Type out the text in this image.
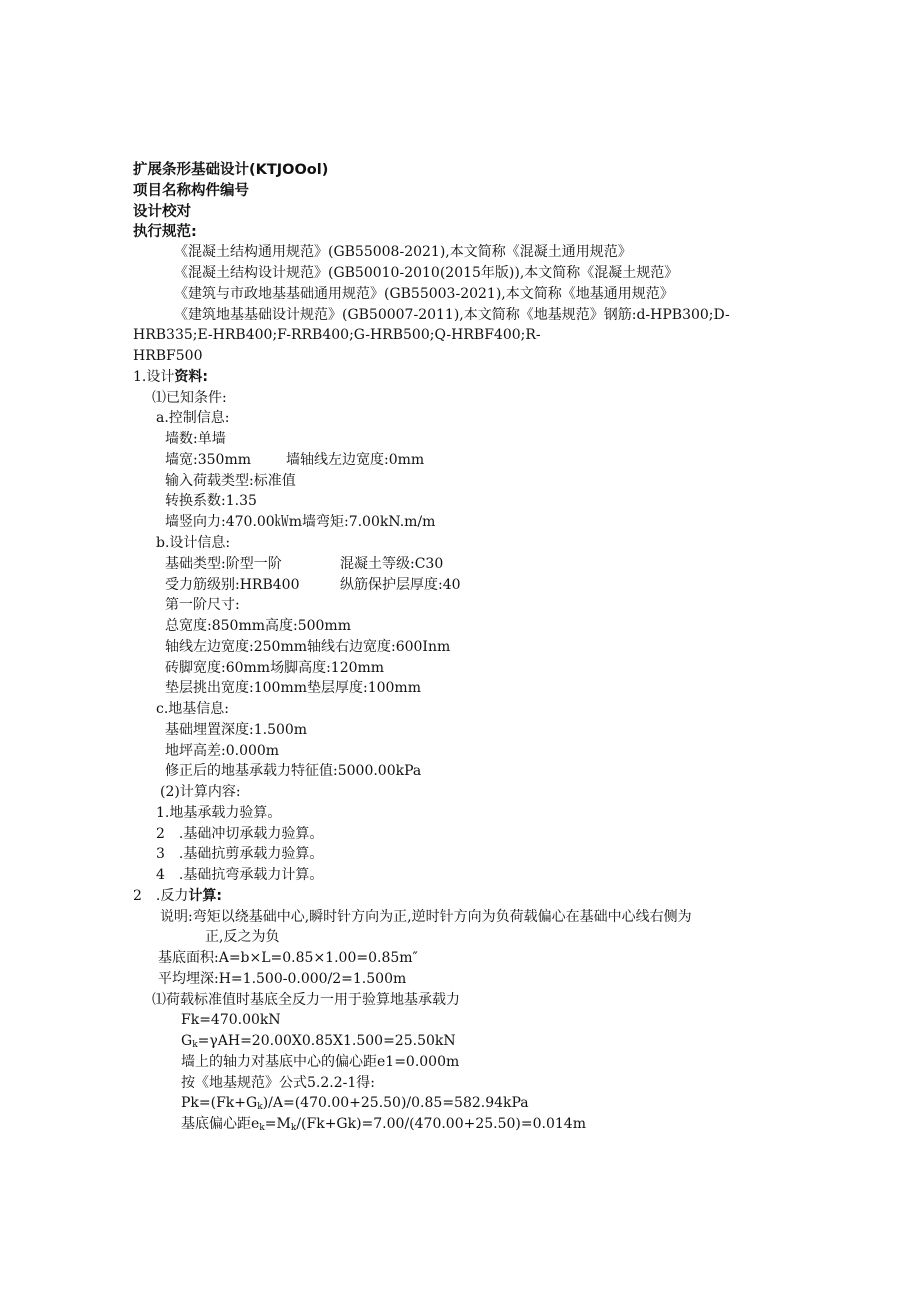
扩展条形基础设计(KTJOOol)
项目名称构件编号
设计校对
执行规范:
《混凝土结构通用规范》(GB55008-2021),本文简称《混凝土通用规范》
《混凝土结构设计规范》(GB50010-2010(2015年版)),本文简称《混凝土规范》
《建筑与市政地基基础通用规范》(GB55003-2021),本文简称《地基通用规范》
《建筑地基基础设计规范》(GB50007-2011),本文简称《地基规范》钢筋:d-HPB300;D-
HRB335;E-HRB400;F-RRB400;G-HRB500;Q-HRBF400;R-
HRBF500
1.设计资料:
⑴已知条件:
a.控制信息:
墙数:单墙
墙宽:350mm	墙轴线左边宽度:0mm
输入荷载类型:标准值
转换系数:1.35
墙竖向力:470.00㎾m墙弯矩:7.00kN.m/m
b.设计信息:
基础类型:阶型一阶	混凝土等级:C30
受力筋级别:HRB400	纵筋保护层厚度:40
第一阶尺寸:
总宽度:850mm高度:500mm
轴线左边宽度:250mm轴线右边宽度:600Inm
砖脚宽度:60mm场脚高度:120mm
垫层挑出宽度:100mm垫层厚度:100mm
c.地基信息:
基础埋置深度:1.500m
地坪高差:0.000m
修正后的地基承载力特征值:5000.00kPa
(2)计算内容:
1.地基承载力验算。
2　.基础冲切承载力验算。
3　.基础抗剪承载力验算。
4　.基础抗弯承载力计算。
2　.反力计算:
说明:弯矩以绕基础中心,瞬时针方向为正,逆时针方向为负荷载偏心在基础中心线右侧为
正,反之为负
基底面积:A=b×L=0.85×1.00=0.85m″
平均埋深:H=1.500-0.000/2=1.500m
⑴荷载标准值时基底全反力一用于验算地基承载力
Fk=470.00kN
$G_k=\gamma AH=20.00X0.85X1.500=25.50kN$
墙上的轴力对基底中心的偏心距e1=0.000m
按《地基规范》公式5.2.2-1得:
$Pk=(Fk+G_k)/A=(470.00+25.50)/0.85=582.94kPa$
基底偏心距$e_k=M_k/(Fk+Gk)=7.00/(470.00+25.50)=0.014m$
